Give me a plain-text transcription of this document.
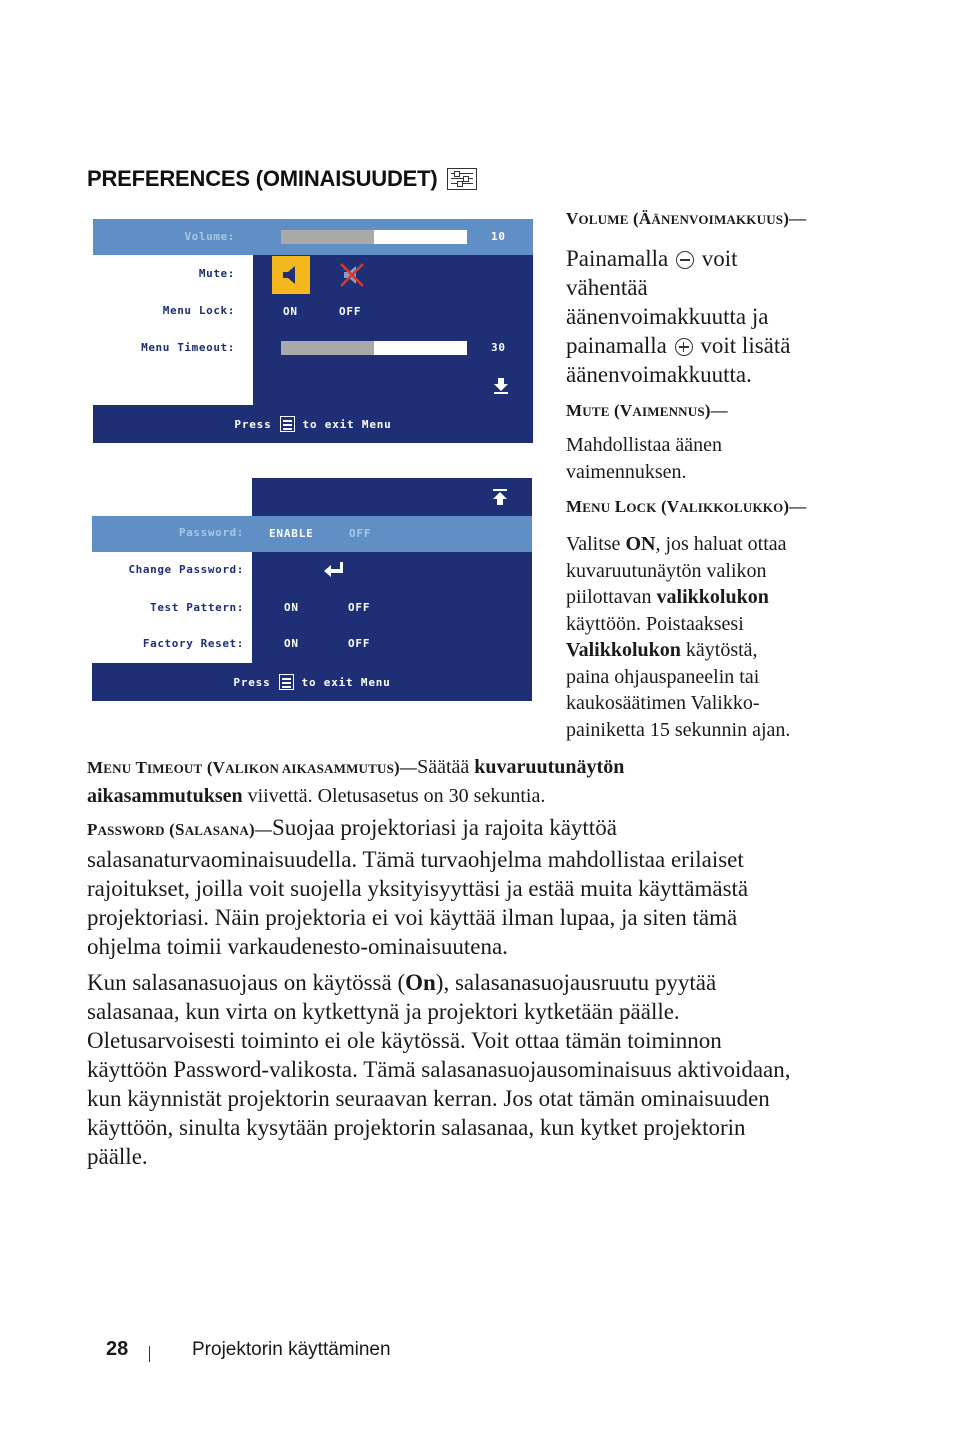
PREFERENCES (OMINAISUUDET)
Volume:	10
Mute:
Menu Lock:	ON	OFF
Menu Timeout:	30
Press	to exit Menu
Password: ENABLE	OFF
Change Password:
Test Pattern:	ON	OFF
Factory Reset:	ON	OFF
Press	to exit Menu
VOLUME (ÄÄNENVOIMAKKUUS)—

Painamalla voit

vähentää

äänenvoimakkuutta ja

painamalla voit lisätä

äänenvoimakkuutta.

MUTE (VAIMENNUS)—

Mahdollistaa äänen

vaimennuksen.

MENU LOCK (VALIKKOLUKKO)—

Valitse ON, jos haluat ottaa

kuvaruutunäytön valikon

piilottavan valikkolukon

käyttöön. Poistaaksesi

Valikkolukon käytöstä,

paina ohjauspaneelin tai

kaukosäätimen Valikko-

painiketta 15 sekunnin ajan.

MENU TIMEOUT (VALIKON AIKASAMMUTUS)—Säätää kuvaruutunäytön

aikasammutuksen viivettä. Oletusasetus on 30 sekuntia.

PASSWORD (SALASANA)—Suojaa projektoriasi ja rajoita käyttöä

salasanaturvaominaisuudella. Tämä turvaohjelma mahdollistaa erilaiset

rajoitukset, joilla voit suojella yksityisyyttäsi ja estää muita käyttämästä

projektoriasi. Näin projektoria ei voi käyttää ilman lupaa, ja siten tämä

ohjelma toimii varkaudenesto-ominaisuutena.

Kun salasanasuojaus on käytössä (On), salasanasuojausruutu pyytää

salasanaa, kun virta on kytkettynä ja projektori kytketään päälle.

Oletusarvoisesti toiminto ei ole käytössä. Voit ottaa tämän toiminnon

käyttöön Password-valikosta. Tämä salasanasuojausominaisuus aktivoidaan,

kun käynnistät projektorin seuraavan kerran. Jos otat tämän ominaisuuden

käyttöön, sinulta kysytään projektorin salasanaa, kun kytket projektorin

päälle.

28	Projektorin käyttäminen
